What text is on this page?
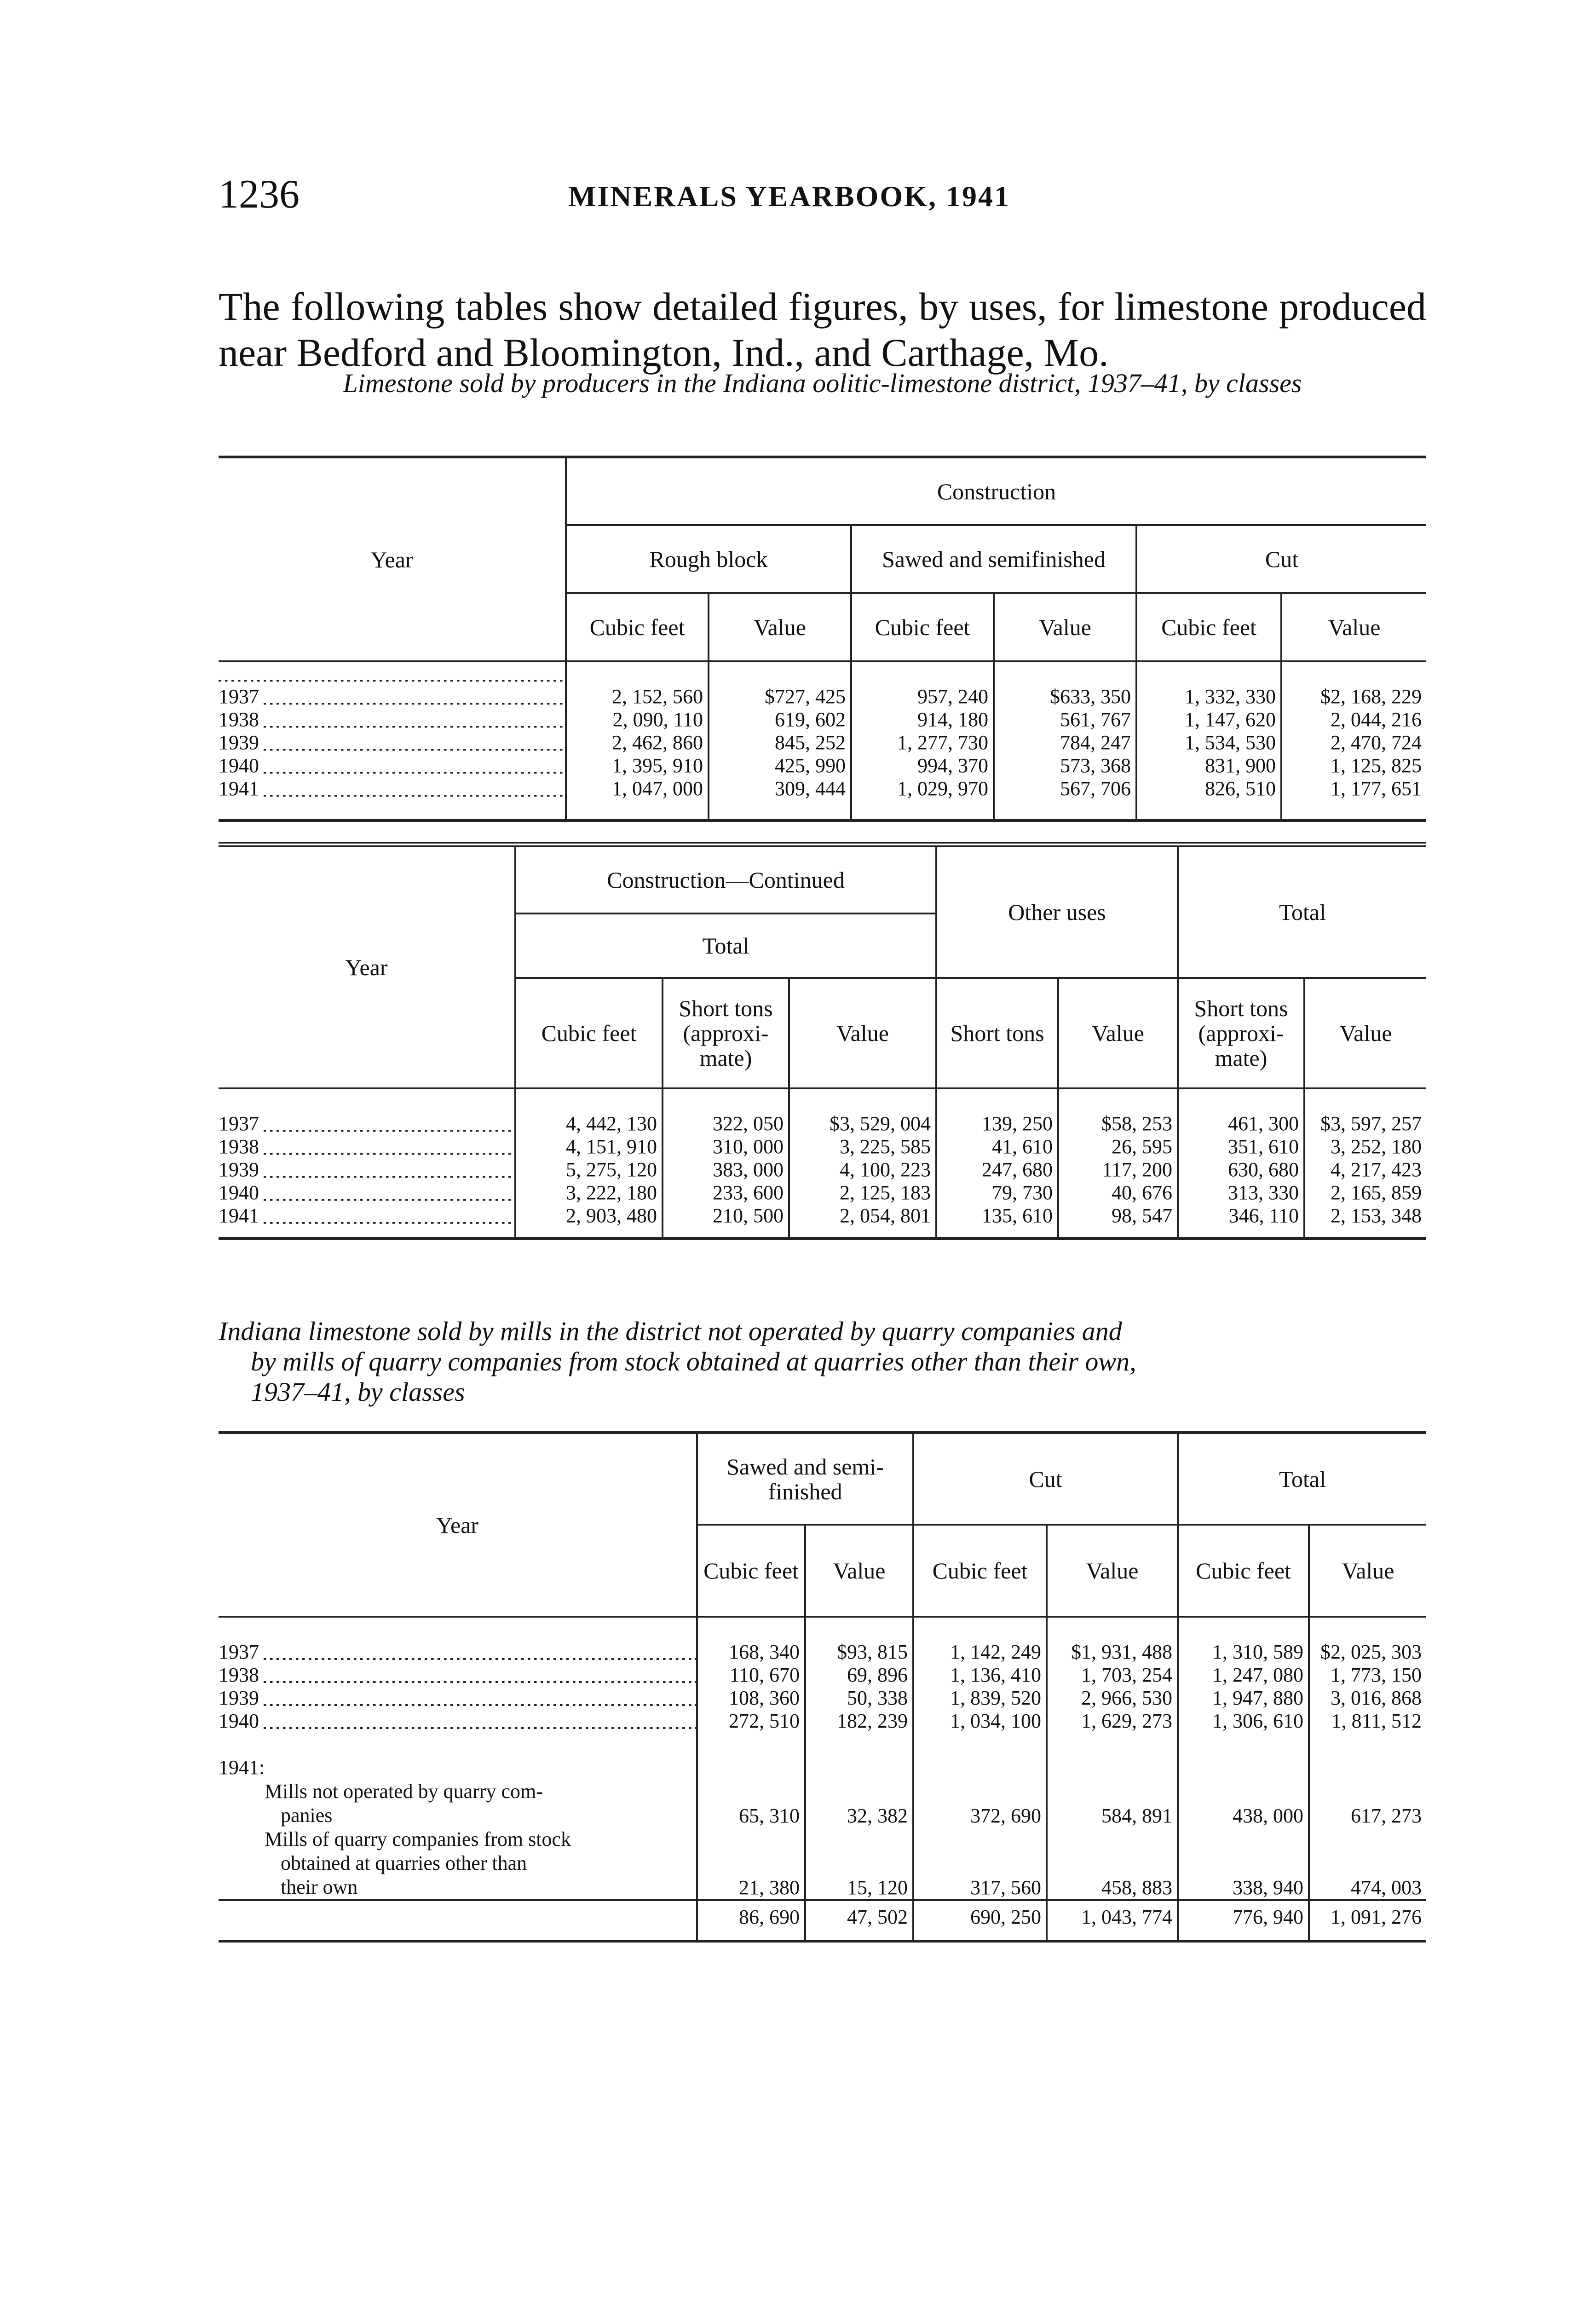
1236	MINERALS YEARBOOK, 1941

The following tables show detailed figures, by uses, for limestone produced near Bedford and Bloomington, Ind., and Carthage, Mo.

Limestone sold by producers in the Indiana oolitic-limestone district, 1937–41, by classes
Year	Construction					
	Rough block		Sawed and semifinished		Cut	
	Cubic feet	Value	Cubic feet	Value	Cubic feet	Value

1937	2, 152, 560	$727, 425	957, 240	$633, 350	1, 332, 330	$2, 168, 229
1938	2, 090, 110	619, 602	914, 180	561, 767	1, 147, 620	2, 044, 216
1939	2, 462, 860	845, 252	1, 277, 730	784, 247	1, 534, 530	2, 470, 724
1940	1, 395, 910	425, 990	994, 370	573, 368	831, 900	1, 125, 825
1941	1, 047, 000	309, 444	1, 029, 970	567, 706	826, 510	1, 177, 651

Year	Construction—Continued			Other uses		Total	
	Total						
	Cubic feet	Short tons (approxi-mate)	Value	Short tons	Value	Short tons (approxi-mate)	Value

1937	4, 442, 130	322, 050	$3, 529, 004	139, 250	$58, 253	461, 300	$3, 597, 257
1938	4, 151, 910	310, 000	3, 225, 585	41, 610	26, 595	351, 610	3, 252, 180
1939	5, 275, 120	383, 000	4, 100, 223	247, 680	117, 200	630, 680	4, 217, 423
1940	3, 222, 180	233, 600	2, 125, 183	79, 730	40, 676	313, 330	2, 165, 859
1941	2, 903, 480	210, 500	2, 054, 801	135, 610	98, 547	346, 110	2, 153, 348

Indiana limestone sold by mills in the district not operated by quarry companies and
by mills of quarry companies from stock obtained at quarries other than their own,
1937–41, by classes
Year	Sawed and semi-finished		Cut		Total	
	Cubic feet	Value	Cubic feet	Value	Cubic feet	Value

1937	168, 340	$93, 815	1, 142, 249	$1, 931, 488	1, 310, 589	$2, 025, 303
1938	110, 670	69, 896	1, 136, 410	1, 703, 254	1, 247, 080	1, 773, 150
1939	108, 360	50, 338	1, 839, 520	2, 966, 530	1, 947, 880	3, 016, 868
1940	272, 510	182, 239	1, 034, 100	1, 629, 273	1, 306, 610	1, 811, 512

1941:
Mills not operated by quarry com-
panies	65, 310	32, 382	372, 690	584, 891	438, 000	617, 273

Mills of quarry companies from stock
obtained at quarries other than
their own	21, 380	15, 120	317, 560	458, 883	338, 940	474, 003
	86, 690	47, 502	690, 250	1, 043, 774	776, 940	1, 091, 276
